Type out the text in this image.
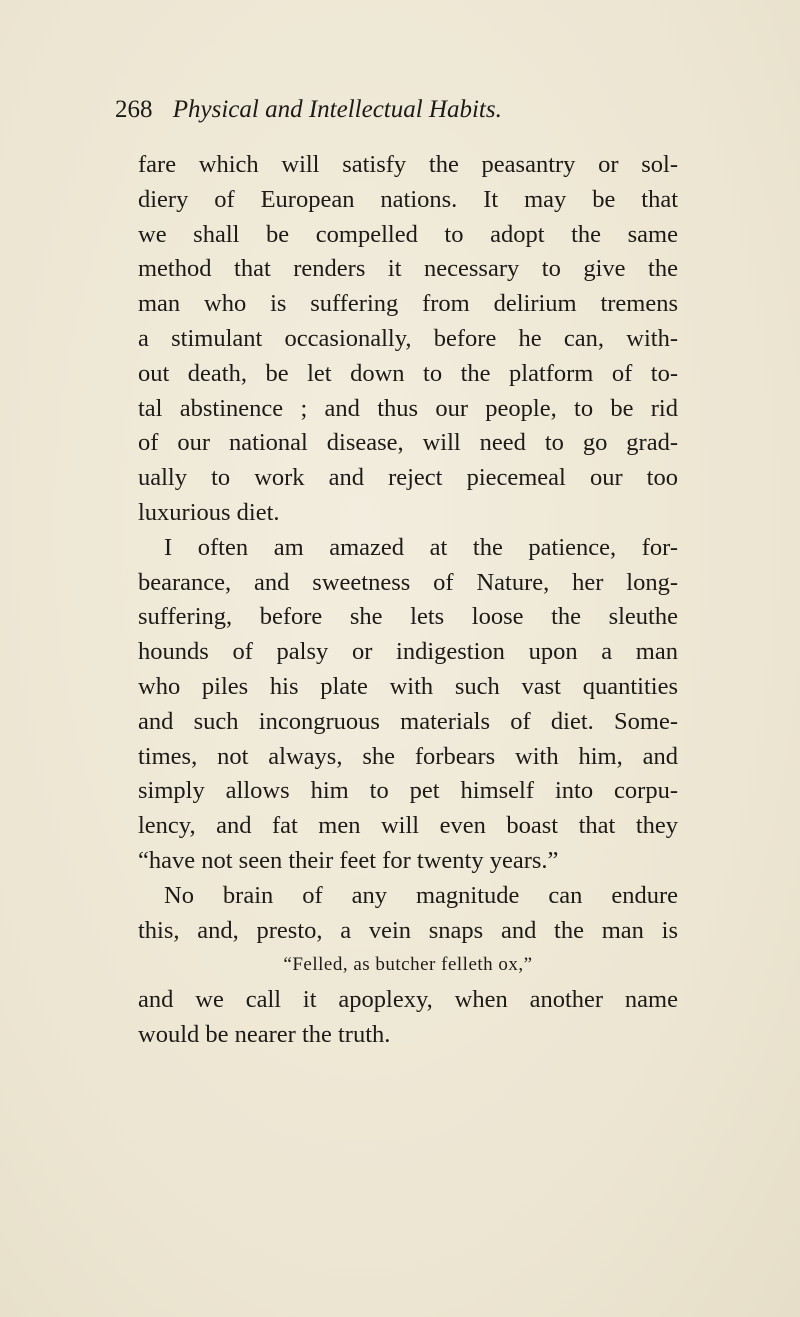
268 Physical and Intellectual Habits.
fare which will satisfy the peasantry or sol-
diery of European nations. It may be that
we shall be compelled to adopt the same
method that renders it necessary to give the
man who is suffering from delirium tremens
a stimulant occasionally, before he can, with-
out death, be let down to the platform of to-
tal abstinence ; and thus our people, to be rid
of our national disease, will need to go grad-
ually to work and reject piecemeal our too
luxurious diet.
I often am amazed at the patience, for-
bearance, and sweetness of Nature, her long-
suffering, before she lets loose the sleuthe
hounds of palsy or indigestion upon a man
who piles his plate with such vast quantities
and such incongruous materials of diet. Some-
times, not always, she forbears with him, and
simply allows him to pet himself into corpu-
lency, and fat men will even boast that they
“have not seen their feet for twenty years.”
No brain of any magnitude can endure
this, and, presto, a vein snaps and the man is
“Felled, as butcher felleth ox,”
and we call it apoplexy, when another name
would be nearer the truth.
